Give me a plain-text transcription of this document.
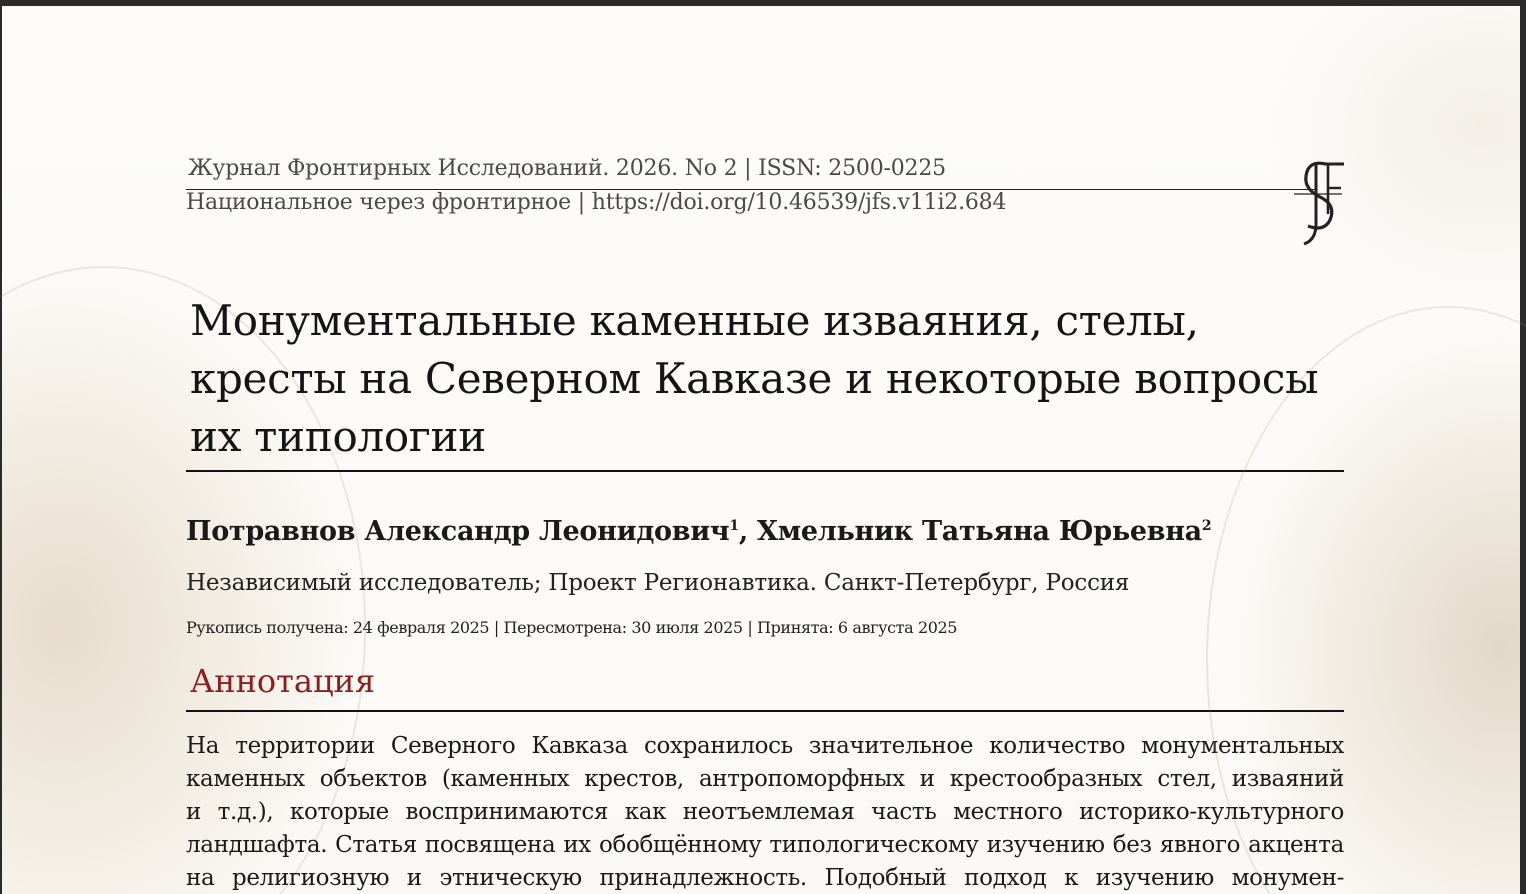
Журнал Фронтирных Исследований. 2026. No 2 | ISSN: 2500-0225
Национальное через фронтирное | https://doi.org/10.46539/jfs.v11i2.684
Монументальные каменные изваяния, стелы, кресты на Северном Кавказе и некоторые вопросы их типологии
Потравнов Александр Леонидович$^1$, Хмельник Татьяна Юрьевна$^2$
Независимый исследователь; Проект Регионавтика. Санкт-Петербург, Россия
Рукопись получена: 24 февраля 2025 | Пересмотрена: 30 июля 2025 | Принята: 6 августа 2025
Аннотация
На территории Северного Кавказа сохранилось значительное количество монументальных
каменных объектов (каменных крестов, антропоморфных и крестообразных стел, изваяний
и т.д.), которые воспринимаются как неотъемлемая часть местного историко-культурного
ландшафта. Статья посвящена их обобщённому типологическому изучению без явного акцента
на религиозную и этническую принадлежность. Подобный подход к изучению монумен-
